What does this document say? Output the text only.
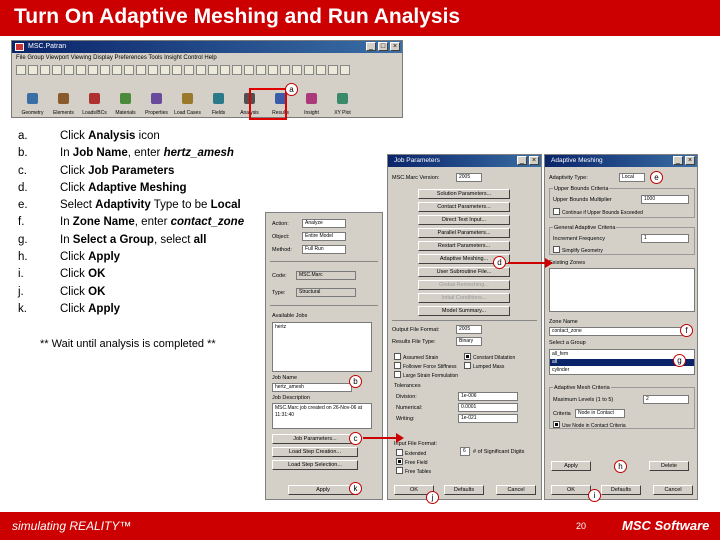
Turn On Adaptive Meshing and Run Analysis
MSC.Patran	_	□	×
File Group Viewport Viewing Display Preferences Tools Insight Control Help
Geometry	Elements	Loads/BCs	Materials	Properties	Load Cases	Fields	Analysis	Results	Insight	XY Plot
a
a.	Click Analysis icon
b.	In Job Name, enter hertz_amesh
c.	Click Job Parameters
d.	Click Adaptive Meshing
e.	Select Adaptivity Type to be Local
f.	In Zone Name, enter contact_zone
g.	In Select a Group, select all
h.	Click Apply
i.	Click OK
j.	Click OK
k.	Click Apply
** Wait until analysis is completed **
Action:	Analyze
Object:	Entire Model
Method:	Full Run
Code:	MSC.Marc
Type:	Structural
Available Jobs
hertz
Job Name
hertz_amesh
Job Description
MSC.Marc job created on 26-Nov-06 at 11:31:40
Job Parameters...
Load Step Creation...
Load Step Selection...
Apply
b
c
k
Job Parameters	_	×
MSC.Marc Version:	2005
Solution Parameters...
Contact Parameters...
Direct Text Input...
Parallel Parameters...
Restart Parameters...
Adaptive Meshing...
User Subroutine File...
Global Remeshing...
Initial Conditions...
Model Summary...
Output File Format:	2005
Results File Type:	Binary
Assumed Strain	Constant Dilatation
Follower Force Stiffness	Lumped Mass
Large Strain Formulation
Tolerances
Division:	1e-006
Numerical:	0.0001
Writing:	1e-021
Input File Format:
Extended
Free Field
Free Tables
6	# of Significant Digits
OK	Defaults	Cancel
d
j
Adaptive Meshing	_	×
Adaptivity Type:	Local
Upper Bounds Criteria
Upper Bounds Multiplier	1000
Continue if Upper Bounds Exceeded
General Adaptive Criteria
Increment Frequency	1
Simplify Geometry
Existing Zones
Zone Name
contact_zone
Select a Group
all_fem
all
cylinder
Adaptive Mesh Criteria
Maximum Levels (1 to 5)	2
Criteria	Node in Contact
Use Node in Contact Criteria
Apply	Delete
OK	Defaults	Cancel
e
f
g
h
i
simulating REALITY™	20	MSC Software
